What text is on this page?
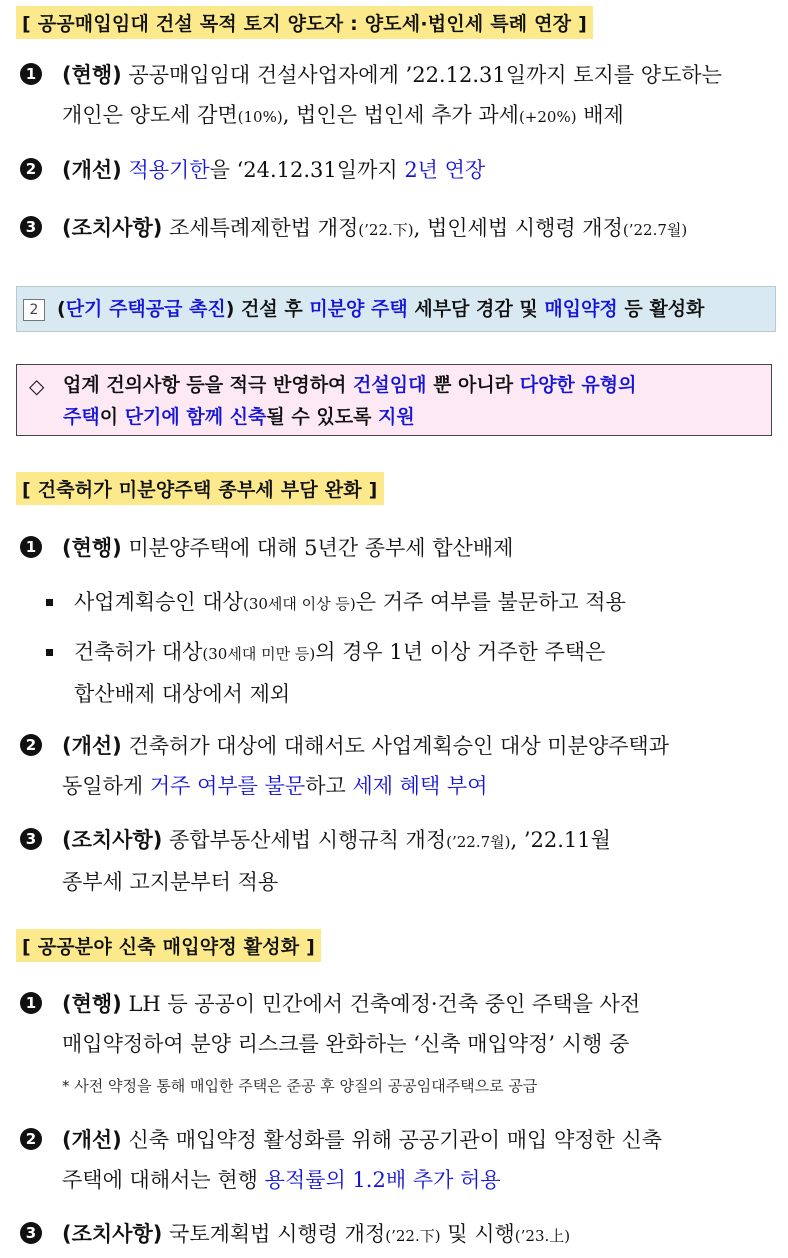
[ 공공매입임대 건설 목적 토지 양도자 : 양도세·법인세 특례 연장 ]
1	(현행) 공공매입임대 건설사업자에게 ’22.12.31일까지 토지를 양도하는
개인은 양도세 감면(10%), 법인은 법인세 추가 과세(+20%) 배제
2	(개선) 적용기한을 ‘24.12.31일까지 2년 연장
3	(조치사항) 조세특례제한법 개정(’22.下), 법인세법 시행령 개정(’22.7월)
2 (단기 주택공급 촉진) 건설 후 미분양 주택 세부담 경감 및 매입약정 등 활성화
◇ 업계 건의사항 등을 적극 반영하여 건설임대 뿐 아니라 다양한 유형의
주택이 단기에 함께 신축될 수 있도록 지원
[ 건축허가 미분양주택 종부세 부담 완화 ]
1	(현행) 미분양주택에 대해 5년간 종부세 합산배제
사업계획승인 대상(30세대 이상 등)은 거주 여부를 불문하고 적용
건축허가 대상(30세대 미만 등)의 경우 1년 이상 거주한 주택은
합산배제 대상에서 제외
2	(개선) 건축허가 대상에 대해서도 사업계획승인 대상 미분양주택과
동일하게 거주 여부를 불문하고 세제 혜택 부여
3	(조치사항) 종합부동산세법 시행규칙 개정(’22.7월), ’22.11월
종부세 고지분부터 적용
[ 공공분야 신축 매입약정 활성화 ]
1	(현행) LH 등 공공이 민간에서 건축예정·건축 중인 주택을 사전
매입약정하여 분양 리스크를 완화하는 ‘신축 매입약정’ 시행 중
* 사전 약정을 통해 매입한 주택은 준공 후 양질의 공공임대주택으로 공급
2	(개선) 신축 매입약정 활성화를 위해 공공기관이 매입 약정한 신축
주택에 대해서는 현행 용적률의 1.2배 추가 허용
3	(조치사항) 국토계획법 시행령 개정(’22.下) 및 시행(’23.上)
